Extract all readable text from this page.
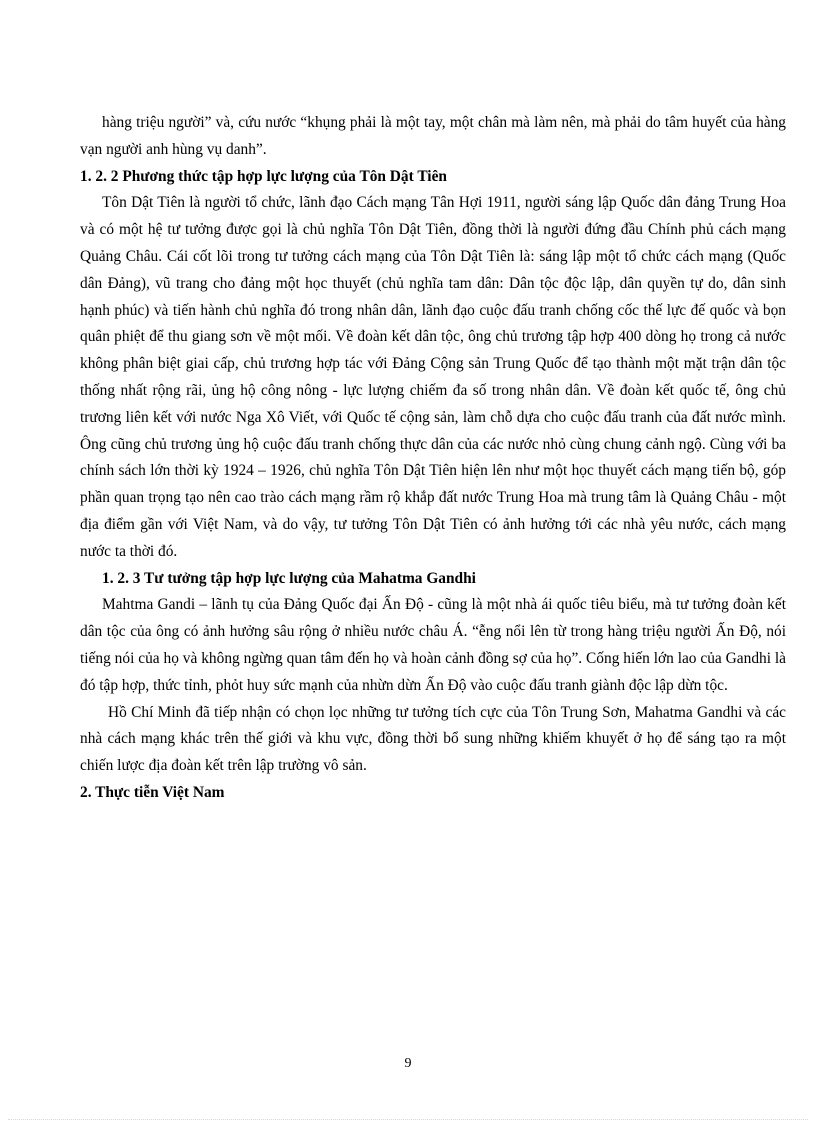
hàng triệu người” và, cứu nước “khụng phải là một tay, một chân mà làm nên, mà phải do tâm huyết của hàng vạn người anh hùng vụ danh”.

1. 2. 2 Phương thức tập hợp lực lượng của Tôn Dật Tiên

Tôn Dật Tiên là người tổ chức, lãnh đạo Cách mạng Tân Hợi 1911, người sáng lập Quốc dân đảng Trung Hoa và có một hệ tư tưởng được gọi là chủ nghĩa Tôn Dật Tiên, đồng thời là người đứng đầu Chính phủ cách mạng Quảng Châu. Cái cốt lõi trong tư tưởng cách mạng của Tôn Dật Tiên là: sáng lập một tổ chức cách mạng (Quốc dân Đảng), vũ trang cho đảng một học thuyết (chủ nghĩa tam dân: Dân tộc độc lập, dân quyền tự do, dân sinh hạnh phúc) và tiến hành chủ nghĩa đó trong nhân dân, lãnh đạo cuộc đấu tranh chống cốc thế lực đế quốc và bọn quân phiệt để thu giang sơn về một mối. Về đoàn kết dân tộc, ông chủ trương tập hợp 400 dòng họ trong cả nước không phân biệt giai cấp, chủ trương hợp tác với Đảng Cộng sản Trung Quốc để tạo thành một mặt trận dân tộc thống nhất rộng rãi, ủng hộ công nông - lực lượng chiếm đa số trong nhân dân. Về đoàn kết quốc tế, ông chủ trương liên kết với nước Nga Xô Viết, với Quốc tế cộng sản, làm chỗ dựa cho cuộc đấu tranh của đất nước mình. Ông cũng chủ trương ủng hộ cuộc đấu tranh chống thực dân của các nước nhỏ cùng chung cảnh ngộ. Cùng với ba chính sách lớn thời kỳ 1924 – 1926, chủ nghĩa Tôn Dật Tiên hiện lên như một học thuyết cách mạng tiến bộ, góp phần quan trọng tạo nên cao trào cách mạng rầm rộ khắp đất nước Trung Hoa mà trung tâm là Quảng Châu - một địa điểm gần với Việt Nam, và do vậy, tư tưởng Tôn Dật Tiên có ảnh hưởng tới các nhà yêu nước, cách mạng nước ta thời đó.

1. 2. 3 Tư tưởng tập hợp lực lượng của Mahatma Gandhi

Mahtma Gandi – lãnh tụ của Đảng Quốc đại Ấn Độ - cũng là một nhà ái quốc tiêu biểu, mà tư tưởng đoàn kết dân tộc của ông có ảnh hưởng sâu rộng ở nhiều nước châu Á. “ễng nổi lên từ trong hàng triệu người Ấn Độ, nói tiếng nói của họ và không ngừng quan tâm đến họ và hoàn cảnh đồng sợ của họ”. Cống hiến lớn lao của Gandhi là đó tập hợp, thức tỉnh, phỏt huy sức mạnh của nhừn dừn Ấn Độ vào cuộc đấu tranh giành độc lập dừn tộc.

Hồ Chí Minh đã tiếp nhận có chọn lọc những tư tưởng tích cực của Tôn Trung Sơn, Mahatma Gandhi và các nhà cách mạng khác trên thế giới và khu vực, đồng thời bổ sung những khiếm khuyết ở họ để sáng tạo ra một chiến lược địa đoàn kết trên lập trường vô sản.

2. Thực tiễn Việt Nam

9
